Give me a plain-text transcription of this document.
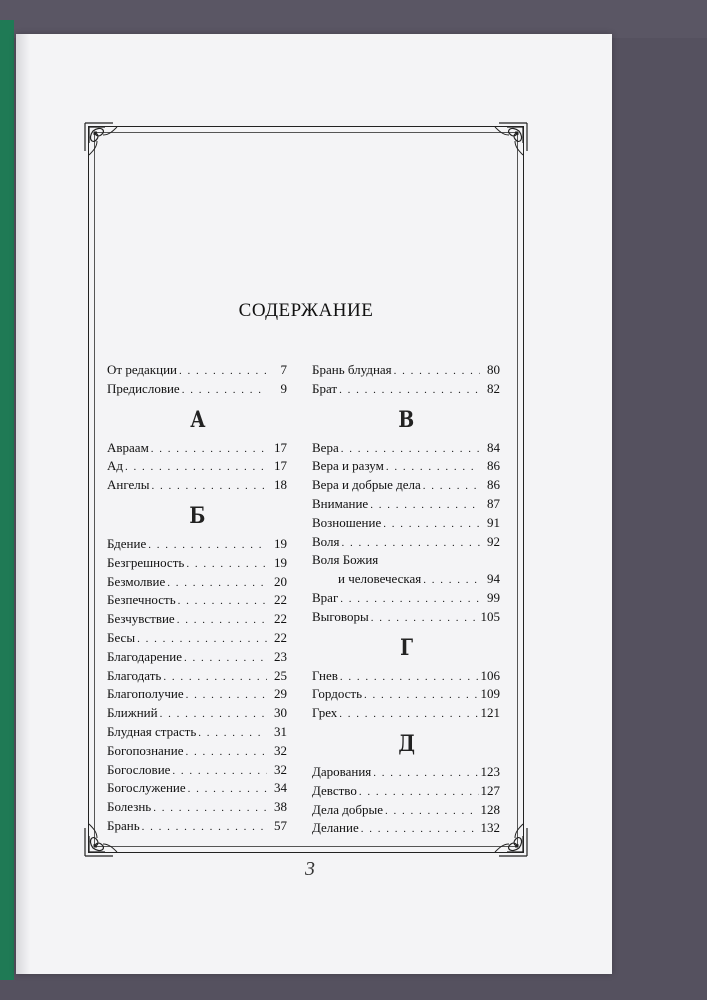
СОДЕРЖАНИЕ
От редакции . . .	7
Предисловие . . .	9
А
Авраам . . .	17
Ад . . .	17
Ангелы . . .	18
Б
Бдение . . .	19
Безгрешность . . .	19
Безмолвие . . .	20
Безпечность . . .	22
Безчувствие . . .	22
Бесы . . .	22
Благодарение . . .	23
Благодать . . .	25
Благополучие . . .	29
Ближний . . .	30
Блудная страсть . . .	31
Богопознание . . .	32
Богословие . . .	32
Богослужение . . .	34
Болезнь . . .	38
Брань . . .	57
Брань блудная . . .	80
Брат . . .	82
В
Вера . . .	84
Вера и разум . . .	86
Вера и добрые дела . . .	86
Внимание . . .	87
Возношение . . .	91
Воля . . .	92
Воля Божия
и человеческая . . .	94
Враг . . .	99
Выговоры . . .	105
Г
Гнев . . .	106
Гордость . . .	109
Грех . . .	121
Д
Дарования . . .	123
Девство . . .	127
Дела добрые . . .	128
Делание . . .	132
3
